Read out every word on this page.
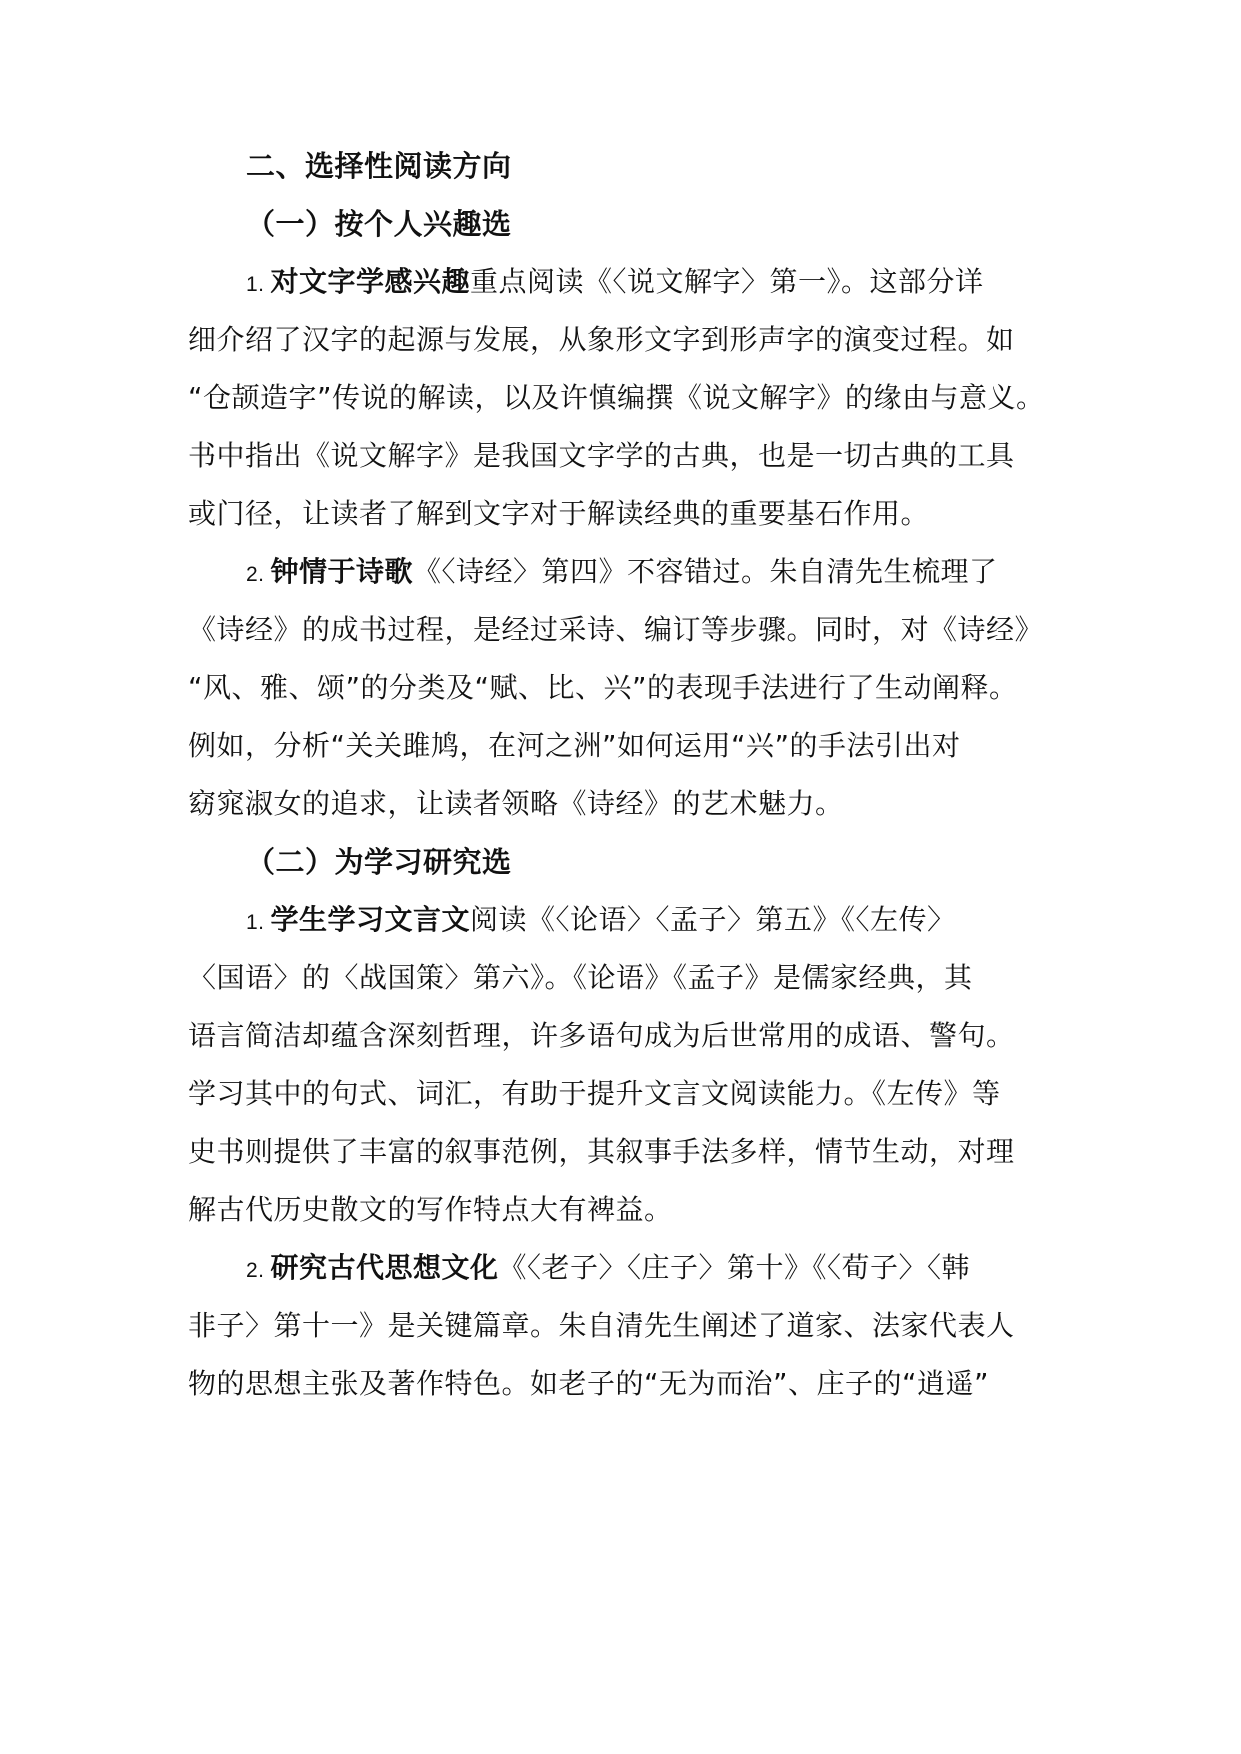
二、选择性阅读方向
（一）按个人兴趣选
1. 对文字学感兴趣重点阅读《〈说文解字〉第一》。这部分详
细介绍了汉字的起源与发展，从象形文字到形声字的演变过程。如
“仓颉造字”传说的解读，以及许慎编撰《说文解字》的缘由与意义。
书中指出《说文解字》是我国文字学的古典，也是一切古典的工具
或门径，让读者了解到文字对于解读经典的重要基石作用。
2. 钟情于诗歌《〈诗经〉第四》不容错过。朱自清先生梳理了
《诗经》的成书过程，是经过采诗、编订等步骤。同时，对《诗经》
“风、雅、颂”的分类及“赋、比、兴”的表现手法进行了生动阐释。
例如，分析“关关雎鸠，在河之洲”如何运用“兴”的手法引出对
窈窕淑女的追求，让读者领略《诗经》的艺术魅力。
（二）为学习研究选
1. 学生学习文言文阅读《〈论语〉〈孟子〉第五》《〈左传〉
〈国语〉的〈战国策〉第六》。《论语》《孟子》是儒家经典，其
语言简洁却蕴含深刻哲理，许多语句成为后世常用的成语、警句。
学习其中的句式、词汇，有助于提升文言文阅读能力。《左传》等
史书则提供了丰富的叙事范例，其叙事手法多样，情节生动，对理
解古代历史散文的写作特点大有裨益。
2. 研究古代思想文化《〈老子〉〈庄子〉第十》《〈荀子〉〈韩
非子〉第十一》是关键篇章。朱自清先生阐述了道家、法家代表人
物的思想主张及著作特色。如老子的“无为而治”、庄子的“逍遥”
